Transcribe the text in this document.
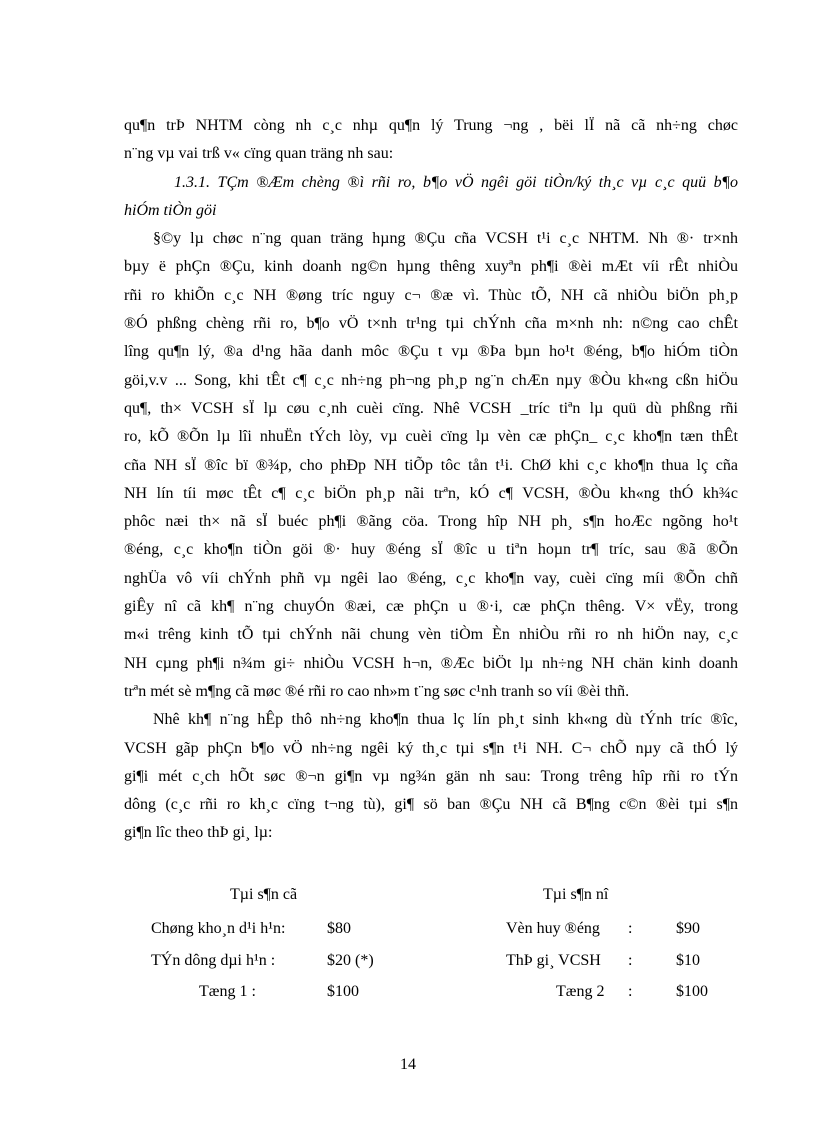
qu¶n trÞ NHTM còng nh c¸c nhµ qu¶n lý Trung ¬ng , bëi lÏ nã cã nh÷ng chøc
n¨ng vµ vai trß v« cïng quan träng nh sau:
1.3.1. TÇm ®Æm chèng ®ì rñi ro, b¶o vÖ ngêi göi tiÒn/ký th¸c vµ c¸c quü b¶o
hiÓm tiÒn göi
§©y lµ chøc n¨ng quan träng hµng ®Çu cña VCSH t¹i c¸c NHTM. Nh ®· tr×nh
bµy ë phÇn ®Çu, kinh doanh ng©n hµng thêng xuyªn ph¶i ®èi mÆt víi rÊt nhiÒu
rñi ro khiÕn c¸c NH ®øng tríc nguy c¬ ®æ vì. Thùc tÕ, NH cã nhiÒu biÖn ph¸p
®Ó phßng chèng rñi ro, b¶o vÖ t×nh tr¹ng tµi chÝnh cña m×nh nh: n©ng cao chÊt
lîng qu¶n lý, ®a d¹ng hãa danh môc ®Çu t vµ ®Þa bµn ho¹t ®éng, b¶o hiÓm tiÒn
göi,v.v ... Song, khi tÊt c¶ c¸c nh÷ng ph¬ng ph¸p ng¨n chÆn nµy ®Òu kh«ng cßn hiÖu
qu¶, th× VCSH sÏ lµ cøu c¸nh cuèi cïng. Nhê VCSH _tríc tiªn lµ quü dù phßng rñi
ro, kÕ ®Õn lµ lîi nhuËn tÝch lòy, vµ cuèi cïng lµ vèn cæ phÇn_ c¸c kho¶n tæn thÊt
cña NH sÏ ®îc bï ®¾p, cho phÐp NH tiÕp tôc tån t¹i. ChØ khi c¸c kho¶n thua lç cña
NH lín tíi møc tÊt c¶ c¸c biÖn ph¸p nãi trªn, kÓ c¶ VCSH, ®Òu kh«ng thÓ kh¾c
phôc næi th× nã sÏ buéc ph¶i ®ãng cöa. Trong hîp NH ph¸ s¶n hoÆc ngõng ho¹t
®éng, c¸c kho¶n tiÒn göi ®· huy ®éng sÏ ®îc u tiªn hoµn tr¶ tríc, sau ®ã ®Õn
nghÜa vô víi chÝnh phñ vµ ngêi lao ®éng, c¸c kho¶n vay, cuèi cïng míi ®Õn chñ
giÊy nî cã kh¶ n¨ng chuyÓn ®æi, cæ phÇn u ®·i, cæ phÇn thêng. V× vËy, trong
m«i trêng kinh tÕ tµi chÝnh nãi chung vèn tiÒm Èn nhiÒu rñi ro nh hiÖn nay, c¸c
NH cµng ph¶i n¾m gi÷ nhiÒu VCSH h¬n, ®Æc biÖt lµ nh÷ng NH chän kinh doanh
trªn mét sè m¶ng cã møc ®é rñi ro cao nh»m t¨ng søc c¹nh tranh so víi ®èi thñ.
Nhê kh¶ n¨ng hÊp thô nh÷ng kho¶n thua lç lín ph¸t sinh kh«ng dù tÝnh tríc ®îc,
VCSH gãp phÇn b¶o vÖ nh÷ng ngêi ký th¸c tµi s¶n t¹i NH. C¬ chÕ nµy cã thÓ lý
gi¶i mét c¸ch hÕt søc ®¬n gi¶n vµ ng¾n gän nh sau: Trong trêng hîp rñi ro tÝn
dông (c¸c rñi ro kh¸c cïng t¬ng tù), gi¶ sö ban ®Çu NH cã B¶ng c©n ®èi tµi s¶n
gi¶n lîc theo thÞ gi¸ lµ:
Tµi s¶n cã	Tµi s¶n nî
Chøng kho¸n d¹i h¹n:	$80	Vèn huy ®éng :	$90
TÝn dông dµi h¹n :	$20 (*)	ThÞ gi¸ VCSH :	$10
Tæng 1 :	$100	Tæng 2 :	$100
14
